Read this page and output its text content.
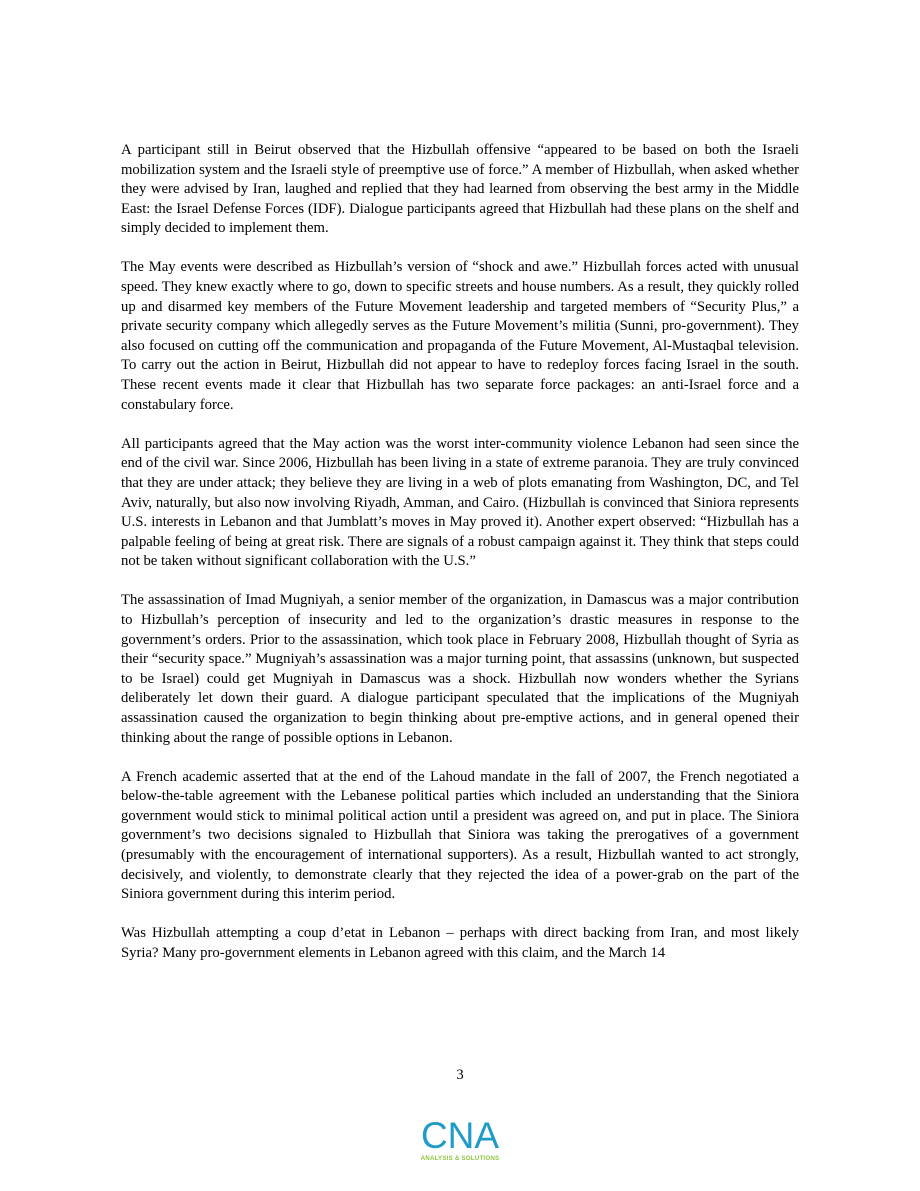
A participant still in Beirut observed that the Hizbullah offensive “appeared to be based on both the Israeli mobilization system and the Israeli style of preemptive use of force.” A member of Hizbullah, when asked whether they were advised by Iran, laughed and replied that they had learned from observing the best army in the Middle East: the Israel Defense Forces (IDF). Dialogue participants agreed that Hizbullah had these plans on the shelf and simply decided to implement them.

The May events were described as Hizbullah’s version of “shock and awe.” Hizbullah forces acted with unusual speed. They knew exactly where to go, down to specific streets and house numbers. As a result, they quickly rolled up and disarmed key members of the Future Movement leadership and targeted members of “Security Plus,” a private security company which allegedly serves as the Future Movement’s militia (Sunni, pro-government). They also focused on cutting off the communication and propaganda of the Future Movement, Al-Mustaqbal television. To carry out the action in Beirut, Hizbullah did not appear to have to redeploy forces facing Israel in the south. These recent events made it clear that Hizbullah has two separate force packages: an anti-Israel force and a constabulary force.

All participants agreed that the May action was the worst inter-community violence Lebanon had seen since the end of the civil war. Since 2006, Hizbullah has been living in a state of extreme paranoia. They are truly convinced that they are under attack; they believe they are living in a web of plots emanating from Washington, DC, and Tel Aviv, naturally, but also now involving Riyadh, Amman, and Cairo. (Hizbullah is convinced that Siniora represents U.S. interests in Lebanon and that Jumblatt’s moves in May proved it). Another expert observed: “Hizbullah has a palpable feeling of being at great risk. There are signals of a robust campaign against it. They think that steps could not be taken without significant collaboration with the U.S.”

The assassination of Imad Mugniyah, a senior member of the organization, in Damascus was a major contribution to Hizbullah’s perception of insecurity and led to the organization’s drastic measures in response to the government’s orders. Prior to the assassination, which took place in February 2008, Hizbullah thought of Syria as their “security space.” Mugniyah’s assassination was a major turning point, that assassins (unknown, but suspected to be Israel) could get Mugniyah in Damascus was a shock. Hizbullah now wonders whether the Syrians deliberately let down their guard. A dialogue participant speculated that the implications of the Mugniyah assassination caused the organization to begin thinking about pre-emptive actions, and in general opened their thinking about the range of possible options in Lebanon.

A French academic asserted that at the end of the Lahoud mandate in the fall of 2007, the French negotiated a below-the-table agreement with the Lebanese political parties which included an understanding that the Siniora government would stick to minimal political action until a president was agreed on, and put in place. The Siniora government’s two decisions signaled to Hizbullah that Siniora was taking the prerogatives of a government (presumably with the encouragement of international supporters). As a result, Hizbullah wanted to act strongly, decisively, and violently, to demonstrate clearly that they rejected the idea of a power-grab on the part of the Siniora government during this interim period.

Was Hizbullah attempting a coup d’etat in Lebanon – perhaps with direct backing from Iran, and most likely Syria? Many pro-government elements in Lebanon agreed with this claim, and the March 14

3
CNA
ANALYSIS & SOLUTIONS
